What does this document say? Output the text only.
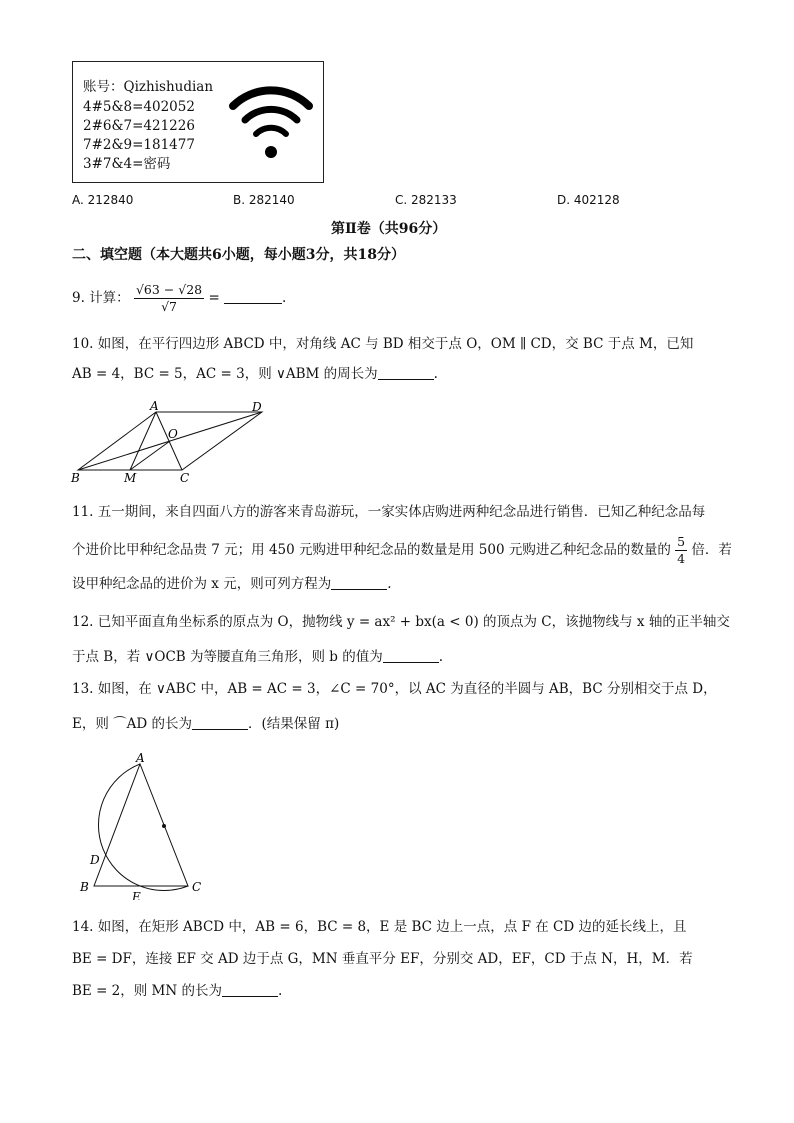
账号：Qizhishudian
4#5&8=402052
2#6&7=421226
7#2&9=181477
3#7&4=密码
A. 212840	B. 282140	C. 282133	D. 402128
第Ⅱ卷（共96分）
二、填空题（本大题共6小题，每小题3分，共18分）
9. 计算： $\frac{√63 - √28}{√7}$ =	.
10. 如图，在平行四边形 ABCD 中，对角线 AC 与 BD 相交于点 O，OM ∥ CD，交 BC 于点 M，已知
AB = 4，BC = 5，AC = 3，则 ∨ABM 的周长为	.
A	D
O
B	M	C
11. 五一期间，来自四面八方的游客来青岛游玩，一家实体店购进两种纪念品进行销售．已知乙种纪念品每
个进价比甲种纪念品贵 7 元；用 450 元购进甲种纪念品的数量是用 500 元购进乙种纪念品的数量的 $\frac{5}{4}$ 倍．若
设甲种纪念品的进价为 x 元，则可列方程为	.
12. 已知平面直角坐标系的原点为 O，抛物线 y = ax² + bx(a < 0) 的顶点为 C，该抛物线与 x 轴的正半轴交
于点 B，若 ∨OCB 为等腰直角三角形，则 b 的值为	.
13. 如图，在 ∨ABC 中，AB = AC = 3，∠C = 70°，以 AC 为直径的半圆与 AB，BC 分别相交于点 D，
E，则 ⌒AD 的长为	．(结果保留 π)
A
D
B
E
C
14. 如图，在矩形 ABCD 中，AB = 6，BC = 8，E 是 BC 边上一点，点 F 在 CD 边的延长线上，且
BE = DF，连接 EF 交 AD 边于点 G，MN 垂直平分 EF，分别交 AD，EF，CD 于点 N，H，M．若
BE = 2，则 MN 的长为	.
